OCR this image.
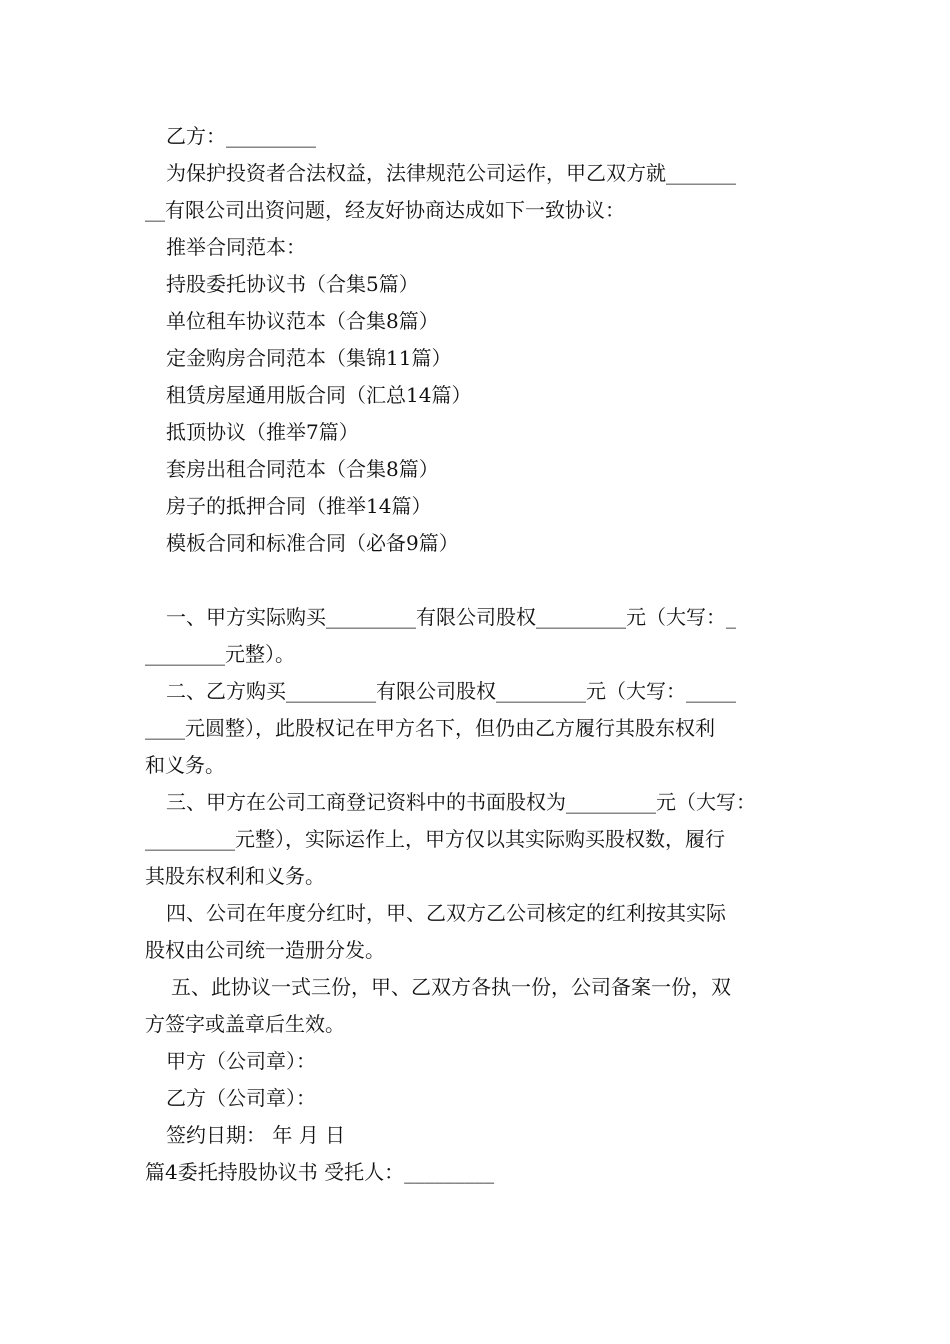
乙方：_________
为保护投资者合法权益，法律规范公司运作，甲乙双方就_______
__有限公司出资问题，经友好协商达成如下一致协议：
推举合同范本：
持股委托协议书（合集5篇）
单位租车协议范本（合集8篇）
定金购房合同范本（集锦11篇）
租赁房屋通用版合同（汇总14篇）
抵顶协议（推举7篇）
套房出租合同范本（合集8篇）
房子的抵押合同（推举14篇）
模板合同和标准合同（必备9篇）
一、甲方实际购买_________有限公司股权_________元（大写：_
________元整）。
二、乙方购买_________有限公司股权_________元（大写：_____
____元圆整），此股权记在甲方名下，但仍由乙方履行其股东权利
和义务。
三、甲方在公司工商登记资料中的书面股权为_________元（大写：
_________元整），实际运作上，甲方仅以其实际购买股权数，履行
其股东权利和义务。
四、公司在年度分红时，甲、乙双方乙公司核定的红利按其实际
股权由公司统一造册分发。
五、此协议一式三份，甲、乙双方各执一份，公司备案一份，双
方签字或盖章后生效。
甲方（公司章）：
乙方（公司章）：
签约日期： 年 月 日
篇4委托持股协议书 受托人：_________
